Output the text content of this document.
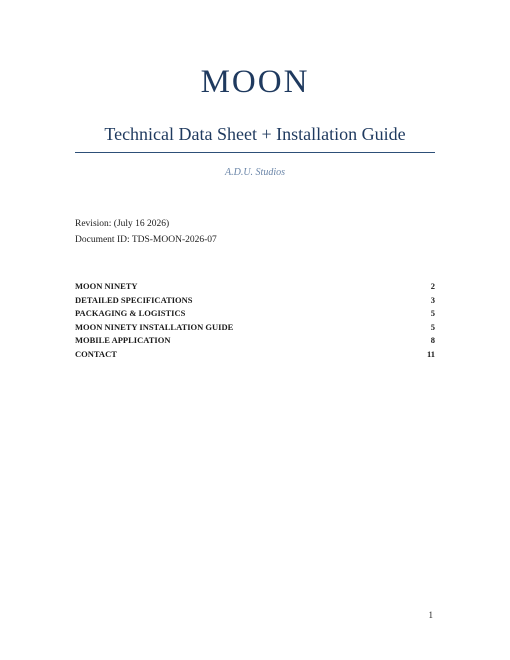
MOON
Technical Data Sheet + Installation Guide
A.D.U. Studios
Revision: (July 16 2026)
Document ID: TDS-MOON-2026-07
MOON NINETY	2
DETAILED SPECIFICATIONS	3
PACKAGING & LOGISTICS	5
MOON NINETY INSTALLATION GUIDE	5
MOBILE APPLICATION	8
CONTACT	11
1
